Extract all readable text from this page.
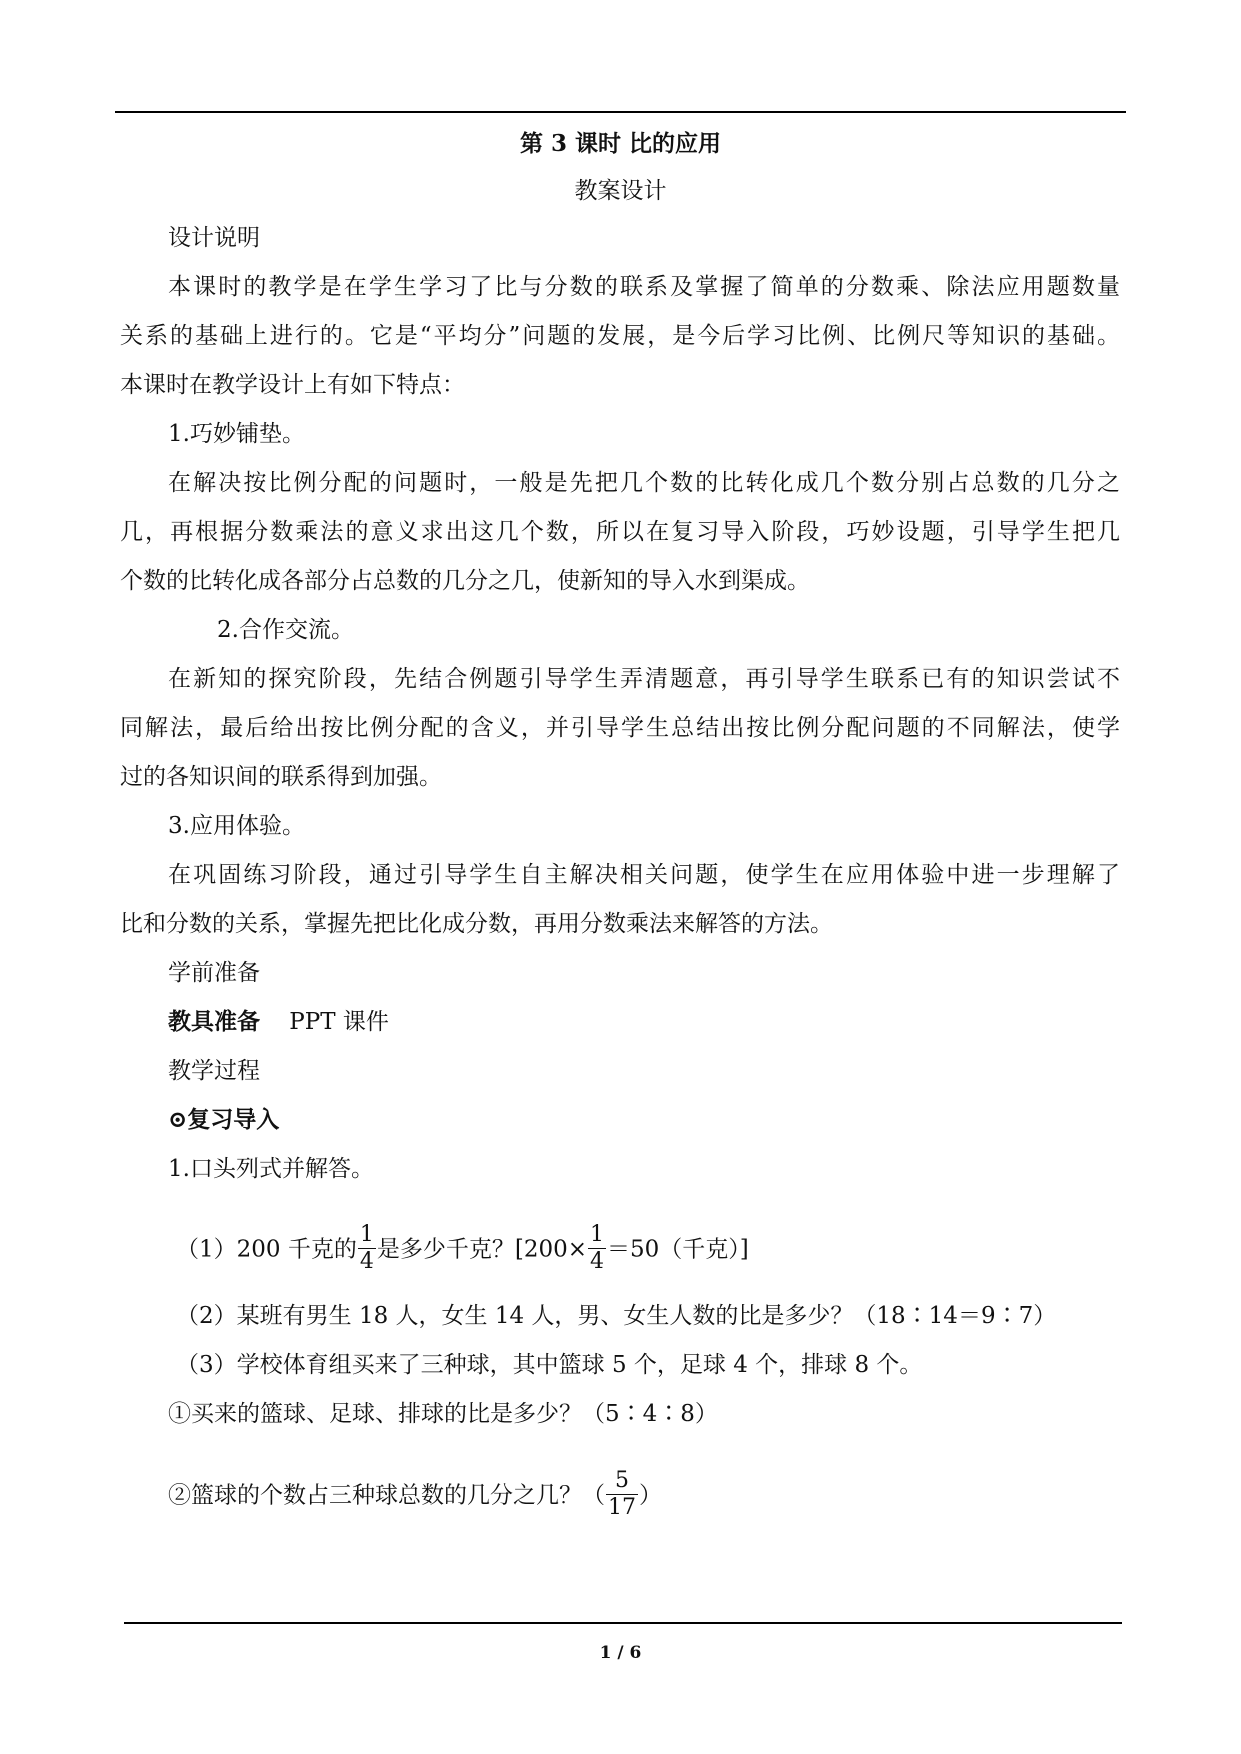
第 3 课时 比的应用
教案设计
设计说明
本课时的教学是在学生学习了比与分数的联系及掌握了简单的分数乘、除法应用题数量
关系的基础上进行的。它是“平均分”问题的发展，是今后学习比例、比例尺等知识的基础。
本课时在教学设计上有如下特点：
1.巧妙铺垫。
在解决按比例分配的问题时，一般是先把几个数的比转化成几个数分别占总数的几分之
几，再根据分数乘法的意义求出这几个数，所以在复习导入阶段，巧妙设题，引导学生把几
个数的比转化成各部分占总数的几分之几，使新知的导入水到渠成。
2.合作交流。
在新知的探究阶段，先结合例题引导学生弄清题意，再引导学生联系已有的知识尝试不
同解法，最后给出按比例分配的含义，并引导学生总结出按比例分配问题的不同解法，使学
过的各知识间的联系得到加强。
3.应用体验。
在巩固练习阶段，通过引导学生自主解决相关问题，使学生在应用体验中进一步理解了
比和分数的关系，掌握先把比化成分数，再用分数乘法来解答的方法。
学前准备
教具准备 PPT 课件
教学过程
⊙复习导入
1.口头列式并解答。
（1）200 千克的 $\frac{1}{4}$ 是多少千克？[$200\times \frac{1}{4} =50$（千克）]
（2）某班有男生 18 人，女生 14 人，男、女生人数的比是多少？（18∶14＝9∶7）
（3）学校体育组买来了三种球，其中篮球 5 个，足球 4 个，排球 8 个。
①买来的篮球、足球、排球的比是多少？（5∶4∶8）
②篮球的个数占三种球总数的几分之几？（ $\frac{5}{17}$ ）
1 / 6
